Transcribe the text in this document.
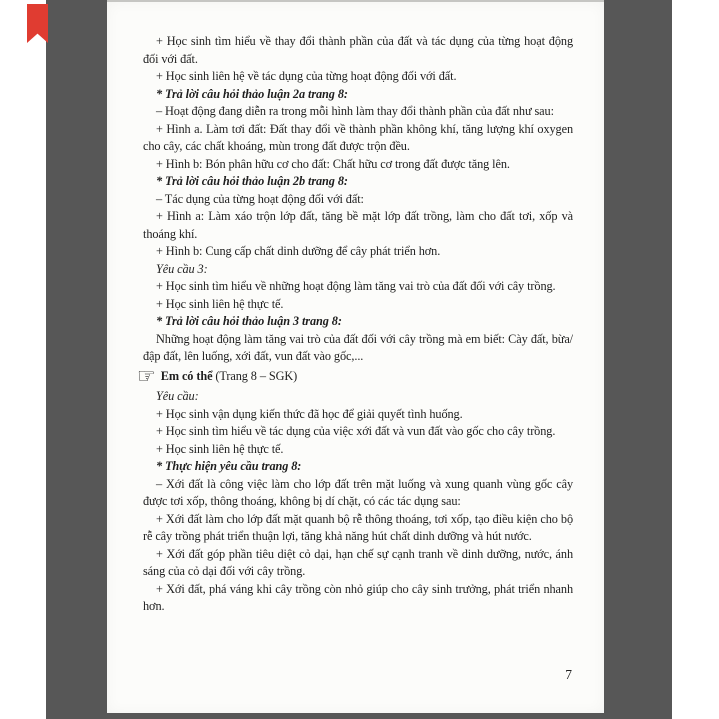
+ Học sinh tìm hiểu về thay đổi thành phần của đất và tác dụng của từng hoạt động đối với đất.

+ Học sinh liên hệ về tác dụng của từng hoạt động đối với đất.

* Trả lời câu hỏi thảo luận 2a trang 8:

– Hoạt động đang diễn ra trong mỗi hình làm thay đổi thành phần của đất như sau:

+ Hình a. Làm tơi đất: Đất thay đổi về thành phần không khí, tăng lượng khí oxygen cho cây, các chất khoáng, mùn trong đất được trộn đều.

+ Hình b: Bón phân hữu cơ cho đất: Chất hữu cơ trong đất được tăng lên.

* Trả lời câu hỏi thảo luận 2b trang 8:

– Tác dụng của từng hoạt động đối với đất:

+ Hình a: Làm xáo trộn lớp đất, tăng bề mặt lớp đất trồng, làm cho đất tơi, xốp và thoáng khí.

+ Hình b: Cung cấp chất dinh dưỡng để cây phát triển hơn.

Yêu cầu 3:

+ Học sinh tìm hiểu về những hoạt động làm tăng vai trò của đất đối với cây trồng.

+ Học sinh liên hệ thực tế.

* Trả lời câu hỏi thảo luận 3 trang 8:

Những hoạt động làm tăng vai trò của đất đối với cây trồng mà em biết: Cày đất, bừa/đập đất, lên luống, xới đất, vun đất vào gốc,...

☞ Em có thể (Trang 8 – SGK)

Yêu cầu:

+ Học sinh vận dụng kiến thức đã học để giải quyết tình huống.

+ Học sinh tìm hiểu về tác dụng của việc xới đất và vun đất vào gốc cho cây trồng.

+ Học sinh liên hệ thực tế.

* Thực hiện yêu cầu trang 8:

– Xới đất là công việc làm cho lớp đất trên mặt luống và xung quanh vùng gốc cây được tơi xốp, thông thoáng, không bị dí chặt, có các tác dụng sau:

+ Xới đất làm cho lớp đất mặt quanh bộ rễ thông thoáng, tơi xốp, tạo điều kiện cho bộ rễ cây trồng phát triển thuận lợi, tăng khả năng hút chất dinh dưỡng và hút nước.

+ Xới đất góp phần tiêu diệt cỏ dại, hạn chế sự cạnh tranh về dinh dưỡng, nước, ánh sáng của cỏ dại đối với cây trồng.

+ Xới đất, phá váng khi cây trồng còn nhỏ giúp cho cây sinh trưởng, phát triển nhanh hơn.

7
